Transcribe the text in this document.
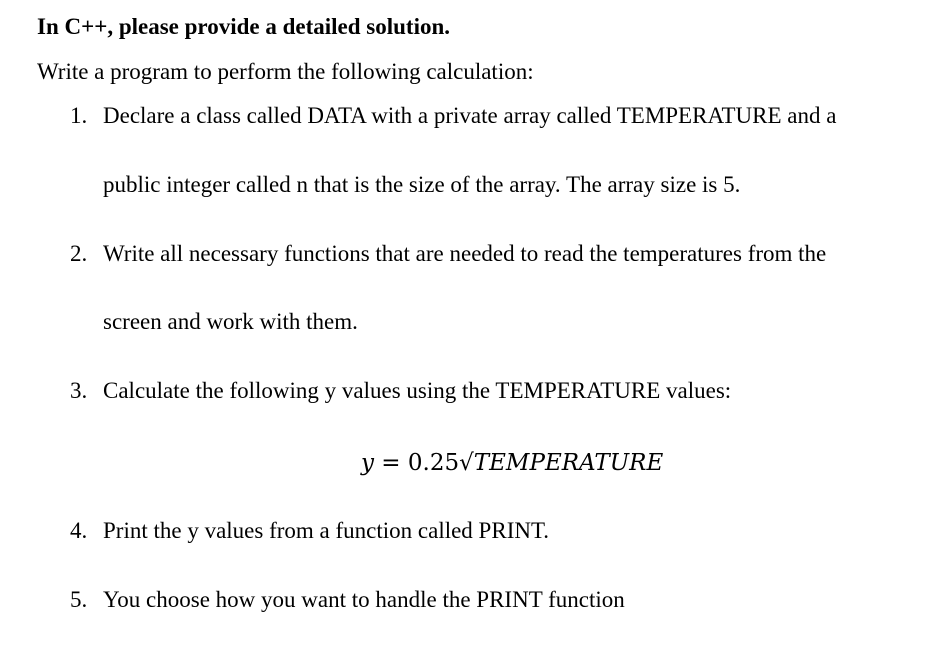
In C++, please provide a detailed solution.
Write a program to perform the following calculation:
1. Declare a class called DATA with a private array called TEMPERATURE and a
public integer called n that is the size of the array. The array size is 5.
2. Write all necessary functions that are needed to read the temperatures from the
screen and work with them.
3. Calculate the following y values using the TEMPERATURE values:
y = 0.25√TEMPERATURE
4. Print the y values from a function called PRINT.
5. You choose how you want to handle the PRINT function
